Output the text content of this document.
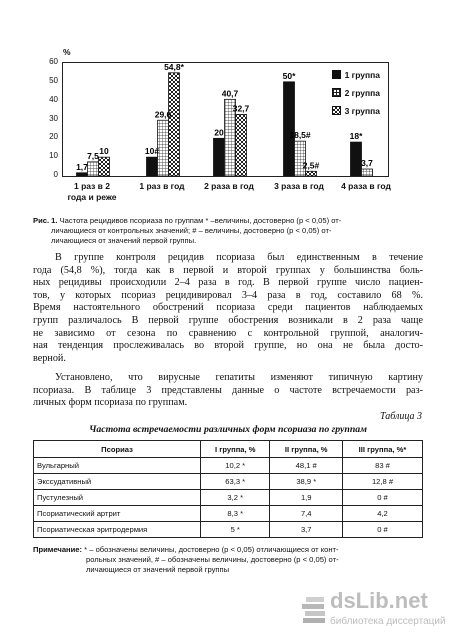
%
1,7
7,5 10	10#
29,6
54,8*
20
40,7
32,7
50*
18,5#
2,5#
18*
3,7
1 группа
2 группа
3 группа
0
10
20
30
40
50
60
1 раз в 2
года и реже
1 раз в год	2 раза в год	3 раза в год	4 раза в год
Рис. 1. Частота рецидивов псориаза по группам * –величины, достоверно (p < 0,05) от-
личающиеся от контрольных значений; # – величины, достоверно (p < 0,05) от-
личающиеся от значений первой группы.
В группе контроля рецидив псориаза был единственным в течение
года (54,8 %), тогда как в первой и второй группах у большинства боль-
ных рецидивы происходили 2–4 раза в год. В первой группе число пациен-
тов, у которых псориаз рецидивировал 3–4 раза в год, составило 68 %.
Время настоятельного обострений псориаза среди пациентов наблюдаемых
групп различалось В первой группе обострения возникали в 2 раза чаще
не зависимо от сезона по сравнению с контрольной группой, аналогич-
ная тенденция прослеживалась во второй группе, но она не была досто-
верной.
Установлено, что вирусные гепатиты изменяют типичную картину
псориаза. В таблице 3 представлены данные о частоте встречаемости раз-
личных форм псориаза по группам.
Таблица 3
Частота встречаемости различных форм псориаза по группам
Псориаз	I группа, %	II группа, %	III группа, %*
Вульгарный	10,2 *	48,1 #	83 #
Экссудативный	63,3 *	38,9 *	12,8 #
Пустулезный	3,2 *	1,9	0 #
Псориатический артрит	8,3 *	7,4	4,2
Псориатическая эритродермия	5 *	3,7	0 #
Примечание: * – обозначены величины, достоверно (p < 0,05) отличающиеся от конт-
рольных значений, # – обозначены величины, достоверно (p < 0,05) от-
личающиеся от значений первой группы
dsLib.net
библиотека диссертаций
